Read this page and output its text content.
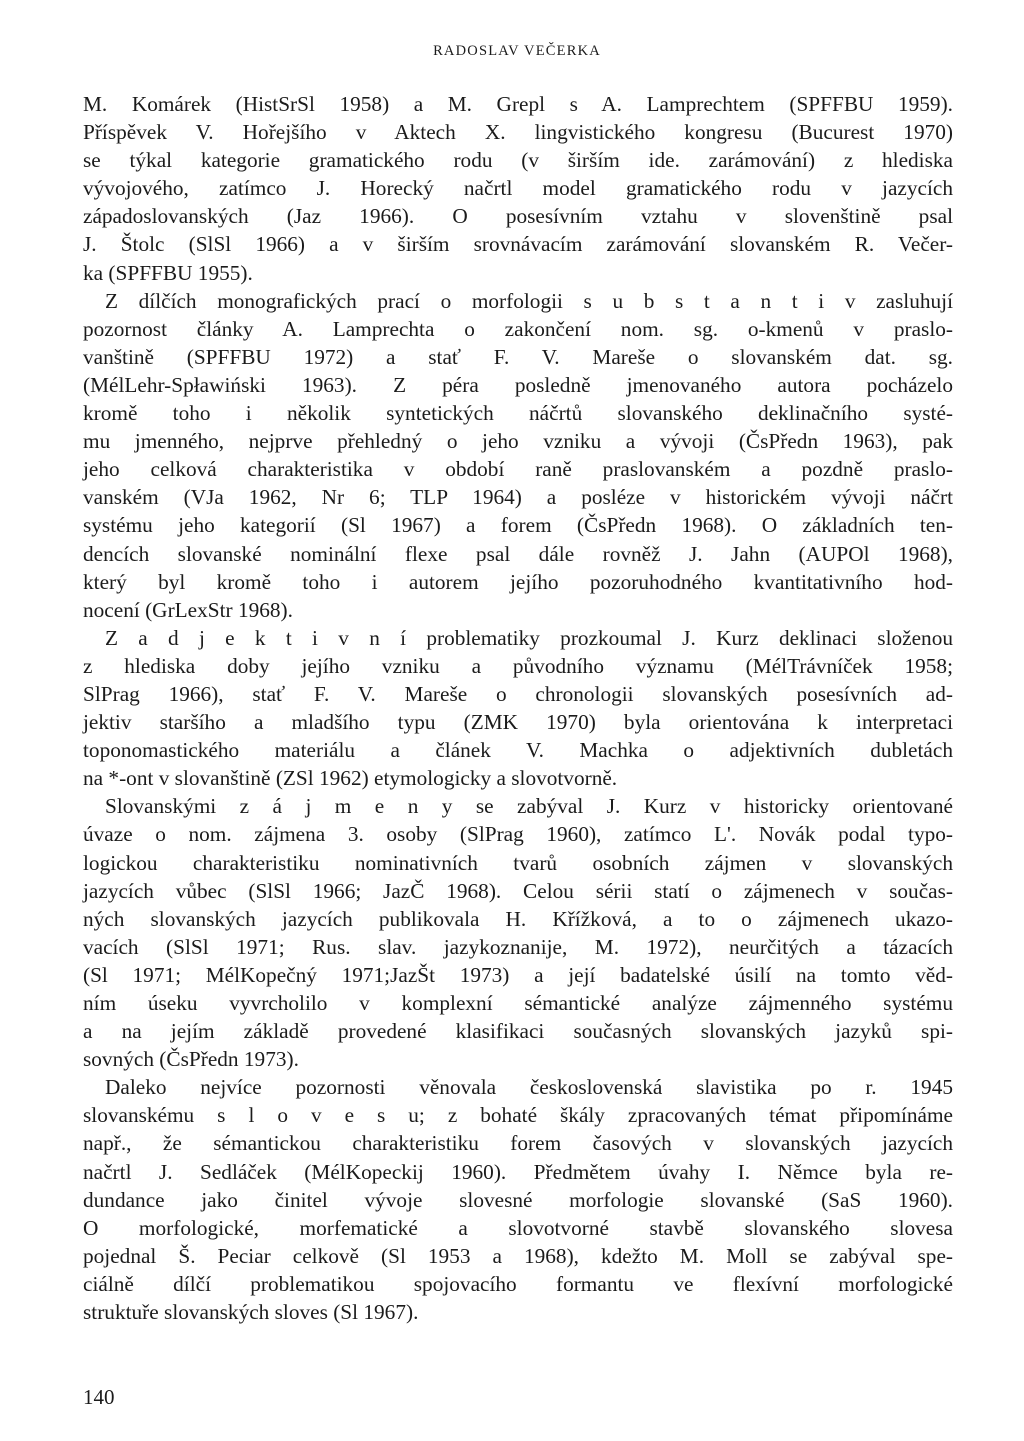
RADOSLAV VEČERKA
M. Komárek (HistSrSl 1958) a M. Grepl s A. Lamprechtem (SPFFBU 1959).
Příspěvek V. Hořejšího v Aktech X. lingvistického kongresu (Bucurest 1970)
se týkal kategorie gramatického rodu (v širším ide. zarámování) z hlediska
vývojového, zatímco J. Horecký načrtl model gramatického rodu v jazycích
západoslovanských (Jaz 1966). O posesívním vztahu v slovenštině psal
J. Štolc (SlSl 1966) a v širším srovnávacím zarámování slovanském R. Večer-
ka (SPFFBU 1955).
Z dílčích monografických prací o morfologii s u b s t a n t i v zasluhují
pozornost články A. Lamprechta o zakončení nom. sg. o-kmenů v praslo-
vanštině (SPFFBU 1972) a stať F. V. Mareše o slovanském dat. sg.
(MélLehr-Spławiński 1963). Z péra posledně jmenovaného autora pocházelo
kromě toho i několik syntetických náčrtů slovanského deklinačního systé-
mu jmenného, nejprve přehledný o jeho vzniku a vývoji (ČsPředn 1963), pak
jeho celková charakteristika v období raně praslovanském a pozdně praslo-
vanském (VJa 1962, Nr 6; TLP 1964) a posléze v historickém vývoji náčrt
systému jeho kategorií (Sl 1967) a forem (ČsPředn 1968). O základních ten-
dencích slovanské nominální flexe psal dále rovněž J. Jahn (AUPOl 1968),
který byl kromě toho i autorem jejího pozoruhodného kvantitativního hod-
nocení (GrLexStr 1968).
Z a d j e k t i v n í problematiky prozkoumal J. Kurz deklinaci složenou
z hlediska doby jejího vzniku a původního významu (MélTrávníček 1958;
SlPrag 1966), stať F. V. Mareše o chronologii slovanských posesívních ad-
jektiv staršího a mladšího typu (ZMK 1970) byla orientována k interpretaci
toponomastického materiálu a článek V. Machka o adjektivních dubletách
na *-ont v slovanštině (ZSl 1962) etymologicky a slovotvorně.
Slovanskými z á j m e n y se zabýval J. Kurz v historicky orientované
úvaze o nom. zájmena 3. osoby (SlPrag 1960), zatímco L'. Novák podal typo-
logickou charakteristiku nominativních tvarů osobních zájmen v slovanských
jazycích vůbec (SlSl 1966; JazČ 1968). Celou sérii statí o zájmenech v součas-
ných slovanských jazycích publikovala H. Křížková, a to o zájmenech ukazo-
vacích (SlSl 1971; Rus. slav. jazykoznanije, M. 1972), neurčitých a tázacích
(Sl 1971; MélKopečný 1971;JazŠt 1973) a její badatelské úsilí na tomto věd-
ním úseku vyvrcholilo v komplexní sémantické analýze zájmenného systému
a na jejím základě provedené klasifikaci současných slovanských jazyků spi-
sovných (ČsPředn 1973).
Daleko nejvíce pozornosti věnovala československá slavistika po r. 1945
slovanskému s l o v e s u; z bohaté škály zpracovaných témat připomínáme
např., že sémantickou charakteristiku forem časových v slovanských jazycích
načrtl J. Sedláček (MélKopeckij 1960). Předmětem úvahy I. Němce byla re-
dundance jako činitel vývoje slovesné morfologie slovanské (SaS 1960).
O morfologické, morfematické a slovotvorné stavbě slovanského slovesa
pojednal Š. Peciar celkově (Sl 1953 a 1968), kdežto M. Moll se zabýval spe-
ciálně dílčí problematikou spojovacího formantu ve flexívní morfologické
struktuře slovanských sloves (Sl 1967).
140
